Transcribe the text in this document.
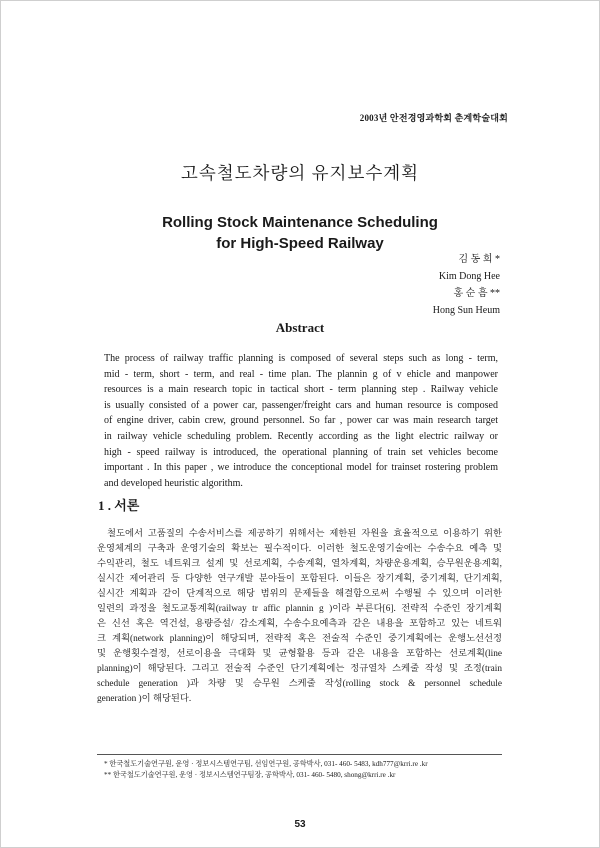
2003년 안전경영과학회 춘계학술대회
고속철도차량의 유지보수계획
Rolling Stock Maintenance Scheduling
for High-Speed Railway
김 동 희 *
Kim Dong Hee
홍 순 흠 **
Hong Sun Heum
Abstract
The process of railway traffic planning is composed of several steps such as long - term,
mid - term, short - term, and real - time plan. The plannin g of v ehicle and manpower
resources is a main research topic in tactical short - term planning step . Railway vehicle
is usually consisted of a power car, passenger/freight cars and human resource is composed
of engine driver, cabin crew, ground personnel. So far , power car was main research target
in railway vehicle scheduling problem. Recently according as the light electric railway or
high - speed railway is introduced, the operational planning of train set vehicles become
important . In this paper , we introduce the conceptional model for trainset rostering problem
and developed heuristic algorithm.
1 . 서론
철도에서 고품질의 수송서비스를 제공하기 위해서는 제한된 자원을 효율적으로 이용하기 위한
운영체계의 구축과 운영기술의 확보는 필수적이다. 이러한 철도운영기술에는 수송수요 예측 및
수익관리, 철도 네트워크 설계 및 선로계획, 수송계획, 열차계획, 차량운용계획, 승무원운용계획,
실시간 제어관리 등 다양한 연구개발 분야들이 포함된다. 이들은 장기계획, 중기계획, 단기계획,
실시간 계획과 같이 단계적으로 해당 범위의 문제들을 해결함으로써 수행될 수 있으며 이러한
일련의 과정을 철도교통계획(railway tr affic plannin g )이라 부른다[6]. 전략적 수준인 장기계획
은 신선 혹은 역건설, 용량증설/ 감소계획, 수송수요예측과 같은 내용을 포함하고 있는 네트워
크 계획(network planning)이 해당되며, 전략적 혹은 전술적 수준인 중기계획에는 운행노선선정
및 운행횟수결정, 선로이용을 극대화 및 균형활용 등과 같은 내용을 포함하는 선로계획(line
planning)이 해당된다. 그리고 전술적 수준인 단기계획에는 정규열차 스케줄 작성 및 조정(train
schedule generation )과 차량 및 승무원 스케줄 작성(rolling stock & personnel schedule
generation )이 해당된다.
* 한국철도기술연구원, 운영 · 정보시스템연구팀, 선임연구원, 공학박사, 031- 460- 5483, kdh777@krri.re .kr
** 한국철도기술연구원, 운영 · 정보시스템연구팀장, 공학박사, 031- 460- 5480, shong@krri.re .kr
53
